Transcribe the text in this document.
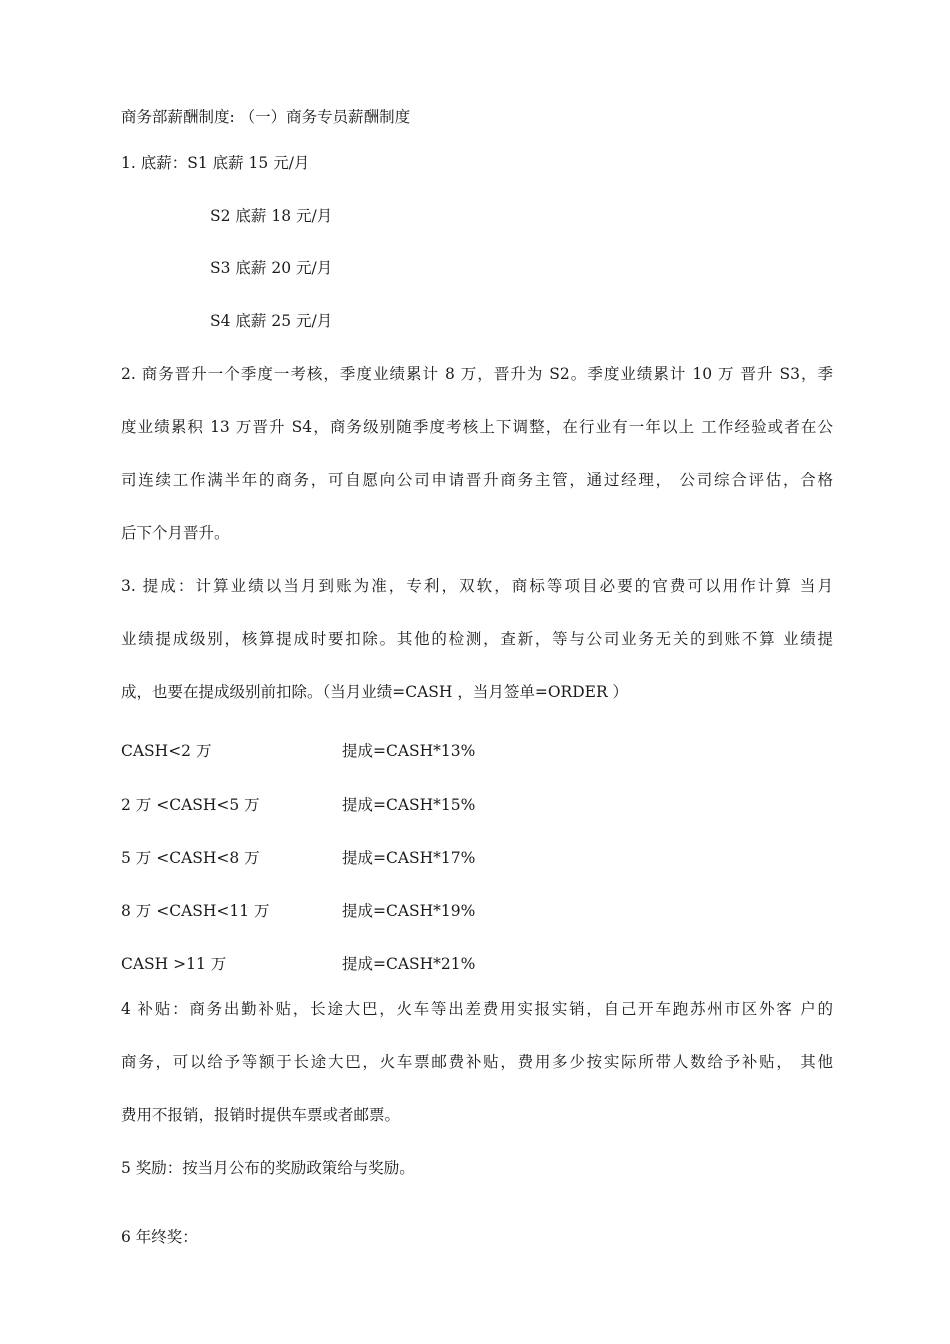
商务部薪酬制度: （一）商务专员薪酬制度
1. 底薪：S1 底薪 15 元/月
S2 底薪 18 元/月
S3 底薪 20 元/月
S4 底薪 25 元/月
2. 商务晋升一个季度一考核，季度业绩累计 8 万，晋升为 S2。季度业绩累计 10 万 晋升 S3，季
度业绩累积 13 万晋升 S4，商务级别随季度考核上下调整，在行业有一年以上 工作经验或者在公
司连续工作满半年的商务，可自愿向公司申请晋升商务主管，通过经理， 公司综合评估，合格
后下个月晋升。
3. 提成：计算业绩以当月到账为准，专利，双软，商标等项目必要的官费可以用作计算 当月
业绩提成级别，核算提成时要扣除。其他的检测，查新，等与公司业务无关的到账不算 业绩提
成，也要在提成级别前扣除。（当月业绩=CASH ，当月签单=ORDER ）
CASH<2 万	提成=CASH*13%
2 万 <CASH<5 万	提成=CASH*15%
5 万 <CASH<8 万	提成=CASH*17%
8 万 <CASH<11 万	提成=CASH*19%
CASH >11 万	提成=CASH*21%
4 补贴：商务出勤补贴，长途大巴，火车等出差费用实报实销，自己开车跑苏州市区外客 户的
商务，可以给予等额于长途大巴，火车票邮费补贴，费用多少按实际所带人数给予补贴， 其他
费用不报销，报销时提供车票或者邮票。
5 奖励：按当月公布的奖励政策给与奖励。
6 年终奖：
